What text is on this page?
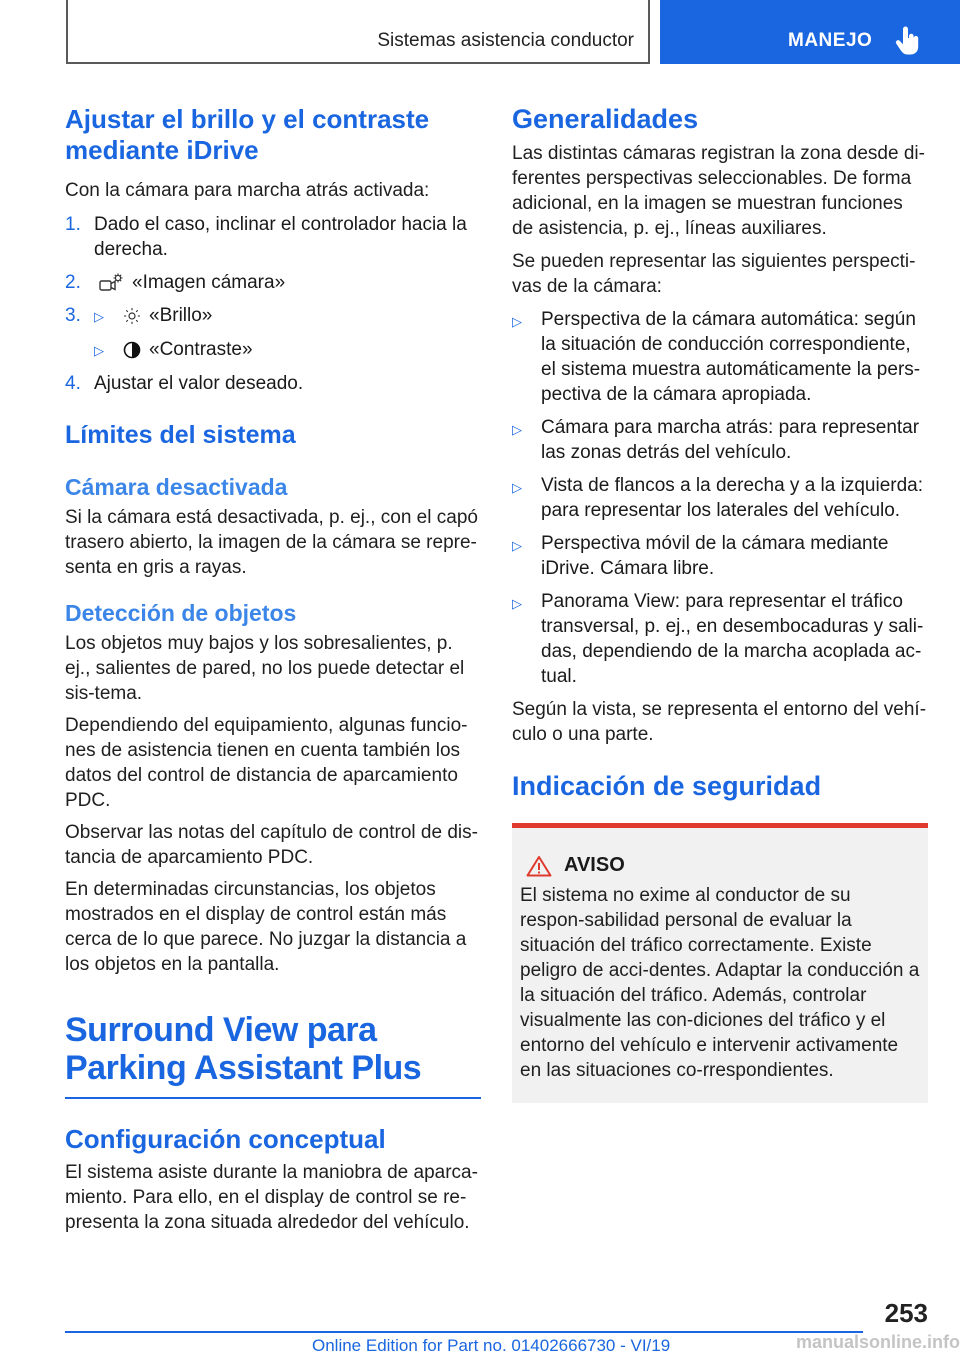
Sistemas asistencia conductor	MANEJO
Ajustar el brillo y el contraste mediante iDrive

Con la cámara para marcha atrás activada:

1. Dado el caso, inclinar el controlador hacia la derecha.
2.	«Imagen cámara»
3.	▷ «Brillo»
▷ «Contraste»
4. Ajustar el valor deseado.
Límites del sistema
Cámara desactivada

Si la cámara está desactivada, p. ej., con el capó trasero abierto, la imagen de la cámara se repre‐senta en gris a rayas.

Detección de objetos

Los objetos muy bajos y los sobresalientes, p. ej., salientes de pared, no los puede detectar el sis‐tema.

Dependiendo del equipamiento, algunas funcio‐nes de asistencia tienen en cuenta también los datos del control de distancia de aparcamiento PDC.

Observar las notas del capítulo de control de dis‐tancia de aparcamiento PDC.

En determinadas circunstancias, los objetos mostrados en el display de control están más cerca de lo que parece. No juzgar la distancia a los objetos en la pantalla.

Surround View para Parking Assistant Plus
Configuración conceptual

El sistema asiste durante la maniobra de aparca‐miento. Para ello, en el display de control se re‐presenta la zona situada alrededor del vehículo.

Generalidades

Las distintas cámaras registran la zona desde di‐ferentes perspectivas seleccionables. De forma adicional, en la imagen se muestran funciones de asistencia, p. ej., líneas auxiliares.

Se pueden representar las siguientes perspecti‐vas de la cámara:

▷	Perspectiva de la cámara automática: según la situación de conducción correspondiente, el sistema muestra automáticamente la pers‐pectiva de la cámara apropiada.
▷	Cámara para marcha atrás: para representar las zonas detrás del vehículo.
▷	Vista de flancos a la derecha y a la izquierda: para representar los laterales del vehículo.
▷	Perspectiva móvil de la cámara mediante iDrive. Cámara libre.
▷	Panorama View: para representar el tráfico transversal, p. ej., en desembocaduras y sali‐das, dependiendo de la marcha acoplada ac‐tual.

Según la vista, se representa el entorno del vehí‐culo o una parte.

Indicación de seguridad
AVISO

El sistema no exime al conductor de su respon‐sabilidad personal de evaluar la situación del tráfico correctamente. Existe peligro de acci‐dentes. Adaptar la conducción a la situación del tráfico. Además, controlar visualmente las con‐diciones del tráfico y el entorno del vehículo e intervenir activamente en las situaciones co‐rrespondientes.

253
Online Edition for Part no. 01402666730 - VI/19	manualsonline.info
